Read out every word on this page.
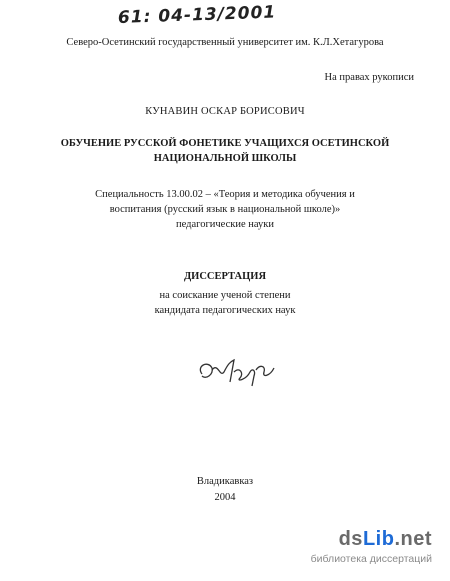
61: 04-13/2001
Северо-Осетинский государственный университет им. К.Л.Хетагурова
На правах рукописи
КУНАВИН ОСКАР БОРИСОВИЧ
ОБУЧЕНИЕ РУССКОЙ ФОНЕТИКЕ УЧАЩИХСЯ ОСЕТИНСКОЙ
НАЦИОНАЛЬНОЙ ШКОЛЫ
Специальность 13.00.02 – «Теория и методика обучения и
воспитания (русский язык в национальной школе)»
педагогические науки
ДИССЕРТАЦИЯ
на соискание ученой степени
кандидата педагогических наук
Владикавказ
2004
dsLib.net
библиотека диссертаций
